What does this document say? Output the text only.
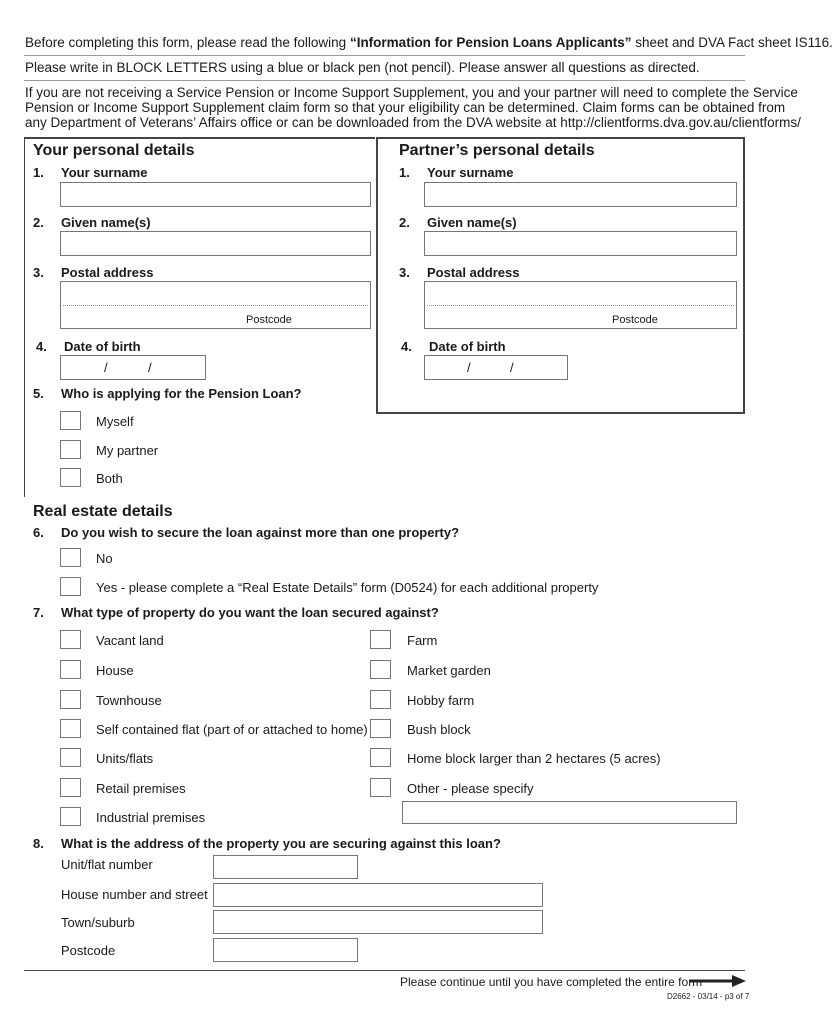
Before completing this form, please read the following “Information for Pension Loans Applicants” sheet and DVA Fact sheet IS116.
Please write in BLOCK LETTERS using a blue or black pen (not pencil). Please answer all questions as directed.
If you are not receiving a Service Pension or Income Support Supplement, you and your partner will need to complete the Service
Pension or Income Support Supplement claim form so that your eligibility can be determined. Claim forms can be obtained from
any Department of Veterans’ Affairs office or can be downloaded from the DVA website at http://clientforms.dva.gov.au/clientforms/
Your personal details
1. Your surname
2. Given name(s)
3. Postal address
Postcode
4. Date of birth
/	/
5. Who is applying for the Pension Loan?
Myself
My partner
Both
Partner’s personal details
1. Your surname
2. Given name(s)
3. Postal address
Postcode
4. Date of birth
/	/
Real estate details
6. Do you wish to secure the loan against more than one property?
No
Yes - please complete a “Real Estate Details” form (D0524) for each additional property
7. What type of property do you want the loan secured against?
Vacant land
House
Townhouse
Self contained flat (part of or attached to home)
Units/flats
Retail premises
Industrial premises
Farm
Market garden
Hobby farm
Bush block
Home block larger than 2 hectares (5 acres)
Other - please specify
8. What is the address of the property you are securing against this loan?
Unit/flat number
House number and street
Town/suburb
Postcode
Please continue until you have completed the entire form
D2662 - 03/14 - p3 of 7
